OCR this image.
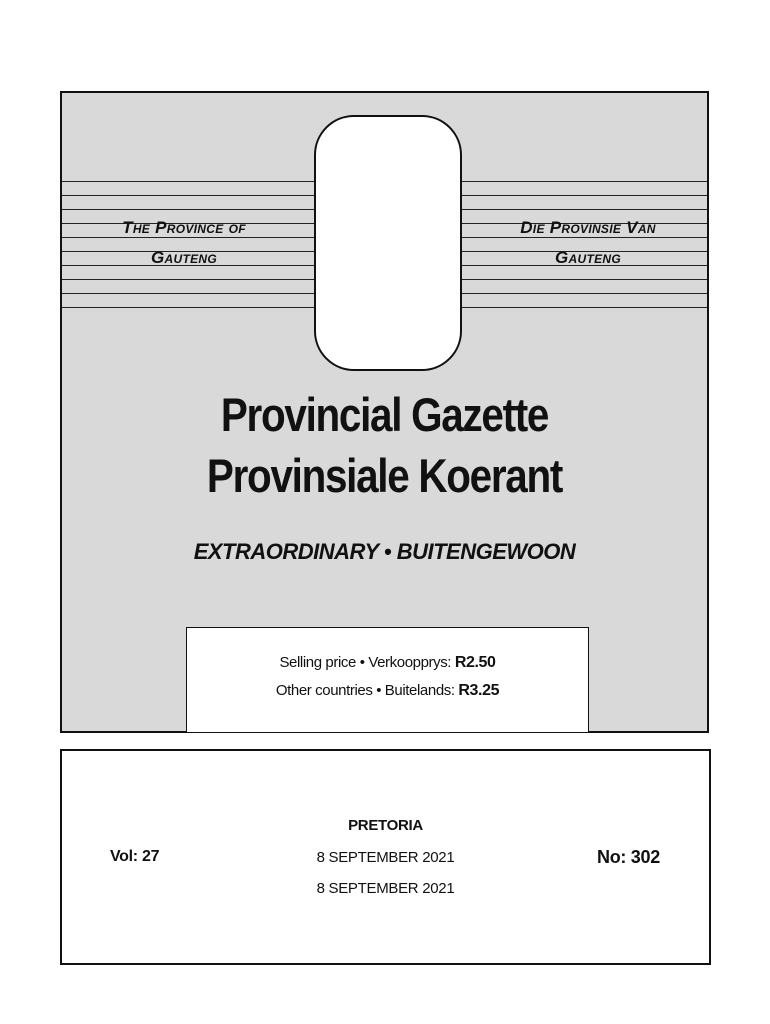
The Province of
Gauteng
Die Provinsie Van
Gauteng
Provincial Gazette
Provinsiale Koerant
EXTRAORDINARY • BUITENGEWOON
Selling price • Verkoopprys: R2.50
Other countries • Buitelands: R3.25
Vol: 27
PRETORIA
8 SEPTEMBER 2021
8 SEPTEMBER 2021
No: 302
